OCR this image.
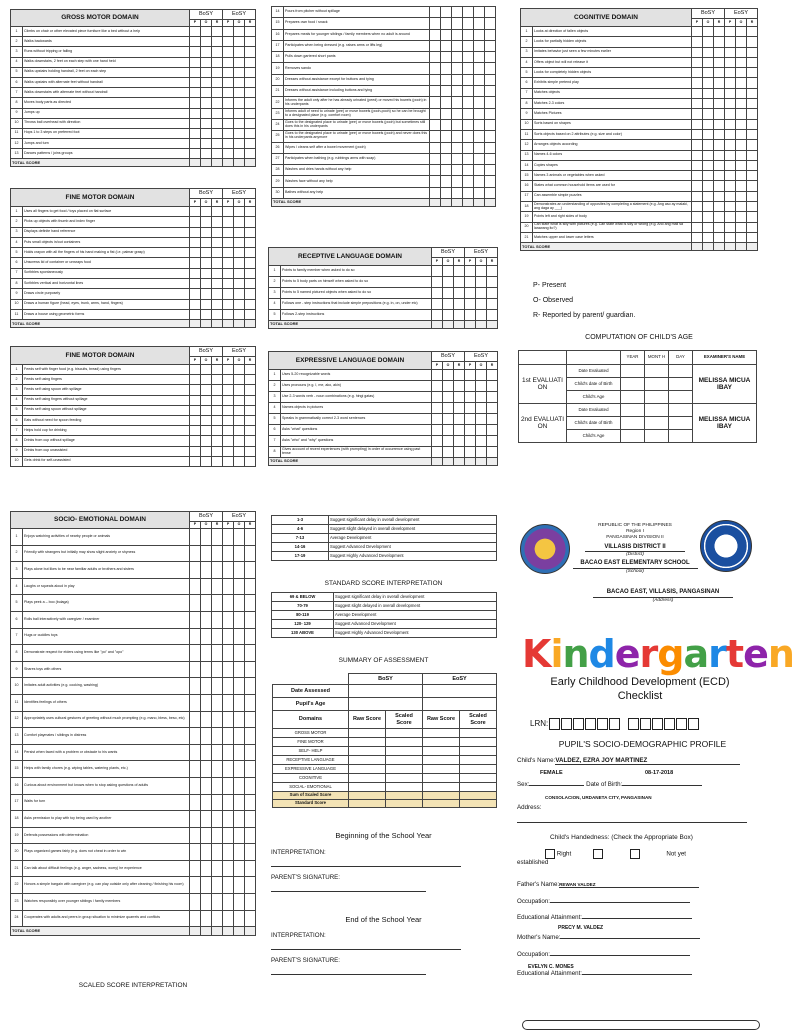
GROSS MOTOR DOMAIN		BoSY			EoSY		
		P	O	R	P	O	R
1	Climbs on chair or other elevated piece furniture like a bed without a help						
2	Walks backwards						
3	Runs without tripping or falling						
4	Walks downstairs, 2 feet on each step with one hand held						
5	Walks upstairs holding handrail, 2 feet on each step						
6	Walks upstairs with alternate feet without handrail						
7	Walks downstairs with alternate feet without handrail						
8	Moves body parts as directed						
9	Jumps up						
10	Throws ball overhead with direction						
11	Hops 1 to 3 steps on preferred foot						
12	Jumps and turn						
13	Dances patterns / joins groups						
TOTAL SCORE							
14	Pours from pitcher without spillage						
15	Prepares own food / snack						
16	Prepares meals for younger siblings / family members when no adult is around						
17	Participates when being dressed (e.g. raises arms or lifts leg)						
18	Pulls down gartered short pants						
19	Removes sando						
20	Dresses without assistance except for buttons and tying						
21	Dresses without assistance including buttons and tying						
22	Informs the adult only after he has already urinated (peed) or moved his bowels (pooh) in his underpants						
23	Informs adult of need to urinate (pee) or move bowels (pooh-pooh) so he can be brought to a designated place (e.g. comfort room)						
24	Goes to the designated place to urinate (pee) or move bowels (pooh) but sometimes still does this in his underpants						
25	Goes to the designated place to urinate (pee) or move bowels (pooh) and never does this in his underpants anymore						
26	Wipes / cleans self after a bowel movement (pooh)						
27	Participates when bathing (e.g. rubbings arms with soap)						
28	Washes and dries hands without any help						
29	Washes face without any help						
30	Bathes without any help						
TOTAL SCORE							
FINE MOTOR DOMAIN		BoSY			EoSY		
		P	O	R	P	O	R
1	Uses all fingers to get food / toys placed on flat surface						
2	Picks up objects with thumb and index finger						
3	Displays definite hand reference						
4	Puts small objects in/out containers						
5	Holds crayon with all the fingers of his hand making a fist (i.e. palmar grasp)						
6	Unscrews lid of container or unwraps food						
7	Scribbles spontaneously						
8	Scribbles vertical and horizontal lines						
9	Draws circle purposely						
10	Draws a human figure (head, eyes, trunk, arms, hand, fingers)						
11	Draws a house using geometric forms						
TOTAL SCORE							
FINE MOTOR DOMAIN		BoSY			EoSY		
		P	O	R	P	O	R
1	Feeds self with finger food (e.g. biscuits, bread) using fingers						
2	Feeds self using fingers						
3	Feeds self using spoon with spillage						
4	Feeds self using fingers without spillage						
5	Feeds self using spoon without spillage						
6	Eats without need for spoon feeding						
7	Helps hold cup for drinking						
8	Drinks from cup without spillage						
9	Drinks from cup unassisted						
10	Gets drink for self-unassisted						
RECEPTIVE LANGUAGE DOMAIN		BoSY			EoSY		
		P	O	R	P	O	R
1	Points to family member when asked to do so						
2	Points to 5 body parts on himself when asked to do so						
3	Points to 5 named pictured objects when asked to do so						
4	Follows one - step instructions that include simple prepositions (e.g. in, on, under etc)						
5	Follows 2-step instructions						
TOTAL SCORE							
EXPRESSIVE LANGUAGE DOMAIN		BoSY			EoSY		
		P	O	R	P	O	R
1	Uses 5-20 recognizable words						
2	Uses pronouns (e.g. I, me, ako, akin)						
3	Use 2-3 words verb - noun combinations (e.g. hingi gatas)						
4	Names objects in pictures						
5	Speaks in grammatically correct 2-3 word sentences						
6	Asks "what" questions						
7	Asks "who" and "why" questions						
8	Gives account of recent experiences (with prompting) in order of occurrence using past tense						
TOTAL SCORE							
COGNITIVE DOMAIN		BoSY			EoSY		
		P	O	R	P	O	R
1	Looks at direction of fallen objects						
2	Looks for partially hidden objects						
3	Imitates behavior just seen a few minutes earlier						
4	Offers object but will not release it						
5	Looks for completely hidden objects						
6	Exhibits simple pretend play						
7	Matches objects						
8	Matches 2-3 colors						
9	Matches Pictures						
10	Sorts based on shapes						
11	Sorts objects based on 2 attributes (e.g. size and color)						
12	Arranges objects according						
13	Names 4-6 colors						
14	Copies shapes						
15	Names 3 animals or vegetables when asked						
16	States what common household items are used for						
17	Can assemble simple puzzles						
18	Demonstrates an understanding of opposites by completing a statement (e.g. Ang aso ay malaki, ang daga ay ___)						
19	Points left and right sides of body						
20	Can state what is silly with pictures (e.g. Can state what is silly or wrong (e.g. Ano ang mali sa larawang ito?)						
21	Matches upper and lower case letters						
TOTAL SCORE							
P- Present
O- Observed
R- Reported by parent/ guardian.
COMPUTATION OF CHILD'S AGE
		YEAR	MONT H	DAY	EXAMINER'S NAME
1st EVALUATI ON	Date Evaluated				MELISSA MICUA IBAY
	Child's date of Birth				
	Child's Age				
2nd EVALUATI ON	Date Evaluated				MELISSA MICUA IBAY
	Child's date of Birth				
	Child's Age				
SOCIO- EMOTIONAL DOMAIN		BoSY			EoSY		
		P	O	R	P	O	R
1	Enjoys watching activities of nearby people or animals						
2	Friendly with strangers but initially may show slight anxiety or shyness						
3	Plays alone but likes to be near familiar adults or brothers and sisters						
4	Laughs or squeals aloud in play						
5	Plays peek a – boo (bulaga)						
6	Rolls ball interactively with caregiver / examiner						
7	Hugs or cuddles toys						
8	Demonstrate respect for elders using terms like "po" and "opo"						
9	Shares toys with others						
10	Imitates adult activities (e.g. cooking, washing)						
11	Identifies feelings of others						
12	Appropriately uses cultural gestures of greeting without much prompting (e.g. mano, bless, beso, etc)						
13	Comfort playmates / siblings in distress						
14	Persist when faced with a problem or obstacle to his wants						
15	Helps with family chores (e.g. wiping tables, watering plants, etc.)						
16	Curious about environment but knows when to stop asking questions of adults						
17	Waits for turn						
18	Asks permission to play with toy being used by another						
19	Defends possessions with determination						
20	Plays organized games fairly (e.g. does not cheat in order to win						
21	Can talk about difficult feelings (e.g. anger, sadness, worry) he experience						
22	Honors a simple bargain with caregiver (e.g. can play outside only after cleaning / finishing his room)						
23	Watches responsibly over younger siblings / family members						
24	Cooperates with adults and peers in group situation to minimize quarrels and conflicts						
TOTAL SCORE							
SCALED SCORE INTERPRETATION
1-3	Suggest significant delay in overall development
4-6	Suggest slight delayed in overall development
7-13	Average Development
14-16	Suggest Advanced Development
17-19	Suggest Highly Advanced Development
STANDARD SCORE INTERPRETATION
69 & BELOW	Suggest significant delay in overall development
70-79	Suggest slight delayed in overall development
80-119	Average Development
120- 129	Suggest Advanced Development
130 ABOVE	Suggest Highly Advanced Development
SUMMARY OF ASSESSMENT
	BoSY		EoSY	
Date Assessed				
Pupil's Age				
Domains	Raw Score	Scaled Score	Raw Score	Scaled Score
GROSS MOTOR				
FINE MOTOR				
SELF- HELP				
RECEPTIVE LANGUAGE				
EXPRESSIVE LANGUAGE				
COGNITIVE				
SOCIAL- EMOTIONAL				
Sum of Scaled Score				
Standard Score				
Beginning of the School Year
INTERPRETATION:
PARENT'S SIGNATURE:
End of the School Year
INTERPRETATION:
PARENT'S SIGNATURE:
REPUBLIC OF THE PHILIPPINES
Region I
PANGASINAN DIVISION II
VILLASIS DISTRICT II
(District)
BACAO EAST ELEMENTARY SCHOOL
(School)
BACAO EAST, VILLASIS, PANGASINAN
(Address)
Kindergarten
Early Childhood Development (ECD)
Checklist
LRN:
PUPIL'S SOCIO-DEMOGRAPHIC PROFILE
Child's Name:VALDEZ, EZRA JOY MARTINEZ
FEMALE	08-17-2018
Sex:	Date of Birth:
CONSOLACION, URDANETA CITY, PANGASINAN
Address:
Child's Handedness: (Check the Appropriate Box)
Right	Not yet
established
Father's Name:REWAN VALDEZ
Occupation:
Educational Attainment:
PRECY M. VALDEZ
Mother's Name:
Occupation:
EVELYN C. MONES
Educational Attainment:
